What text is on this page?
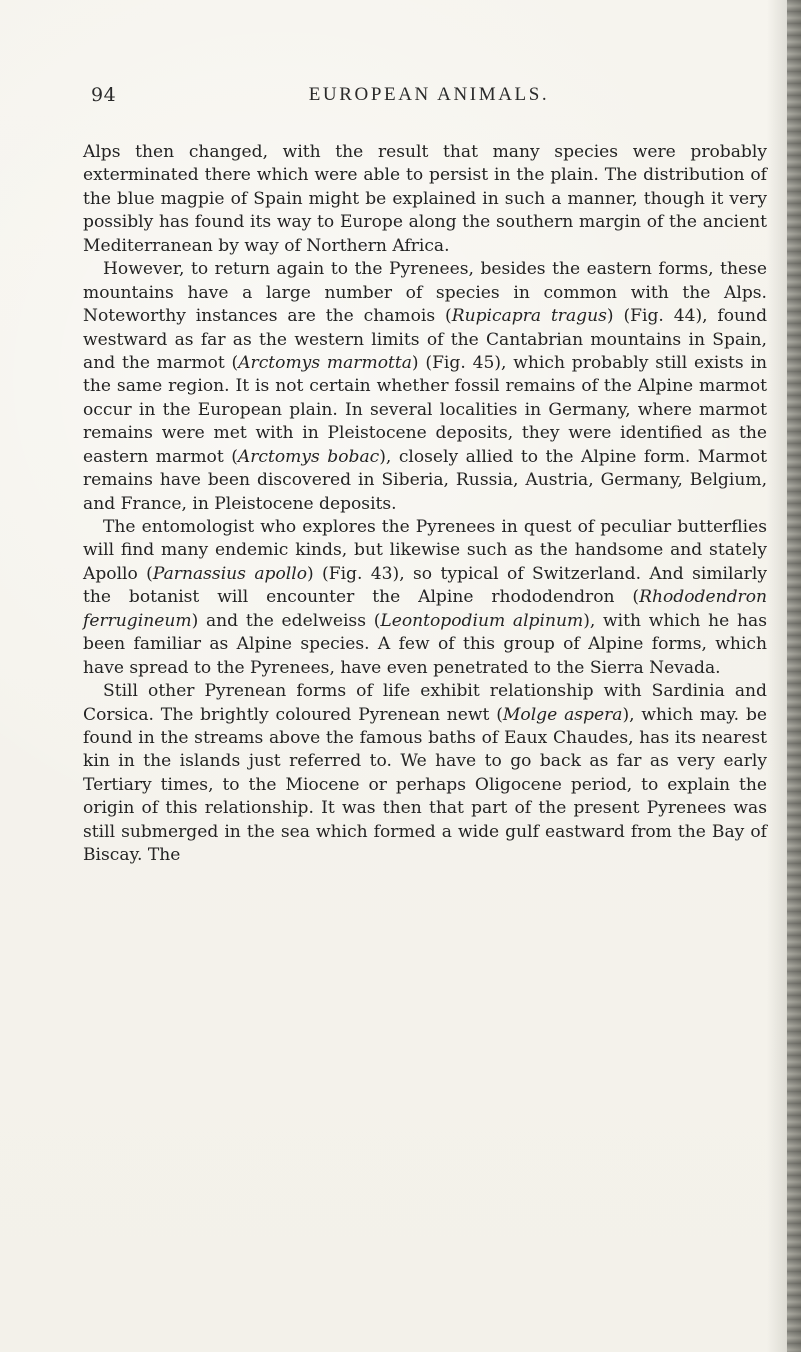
94	EUROPEAN ANIMALS.

Alps then changed, with the result that many species were probably exterminated there which were able to persist in the plain. The distribution of the blue magpie of Spain might be explained in such a manner, though it very possibly has found its way to Europe along the southern margin of the ancient Mediterranean by way of Northern Africa.

However, to return again to the Pyrenees, besides the eastern forms, these mountains have a large number of species in common with the Alps. Noteworthy instances are the chamois (Rupicapra tragus) (Fig. 44), found westward as far as the western limits of the Cantabrian mountains in Spain, and the marmot (Arctomys marmotta) (Fig. 45), which probably still exists in the same region. It is not certain whether fossil remains of the Alpine marmot occur in the European plain. In several localities in Germany, where marmot remains were met with in Pleistocene deposits, they were identified as the eastern marmot (Arctomys bobac), closely allied to the Alpine form. Marmot remains have been discovered in Siberia, Russia, Austria, Germany, Belgium, and France, in Pleistocene deposits.

The entomologist who explores the Pyrenees in quest of peculiar butterflies will find many endemic kinds, but likewise such as the handsome and stately Apollo (Parnassius apollo) (Fig. 43), so typical of Switzerland. And similarly the botanist will encounter the Alpine rhododendron (Rhododendron ferrugineum) and the edelweiss (Leontopodium alpinum), with which he has been familiar as Alpine species. A few of this group of Alpine forms, which have spread to the Pyrenees, have even penetrated to the Sierra Nevada.

Still other Pyrenean forms of life exhibit relationship with Sardinia and Corsica. The brightly coloured Pyrenean newt (Molge aspera), which may. be found in the streams above the famous baths of Eaux Chaudes, has its nearest kin in the islands just referred to. We have to go back as far as very early Tertiary times, to the Miocene or perhaps Oligocene period, to explain the origin of this relationship. It was then that part of the present Pyrenees was still submerged in the sea which formed a wide gulf eastward from the Bay of Biscay. The
